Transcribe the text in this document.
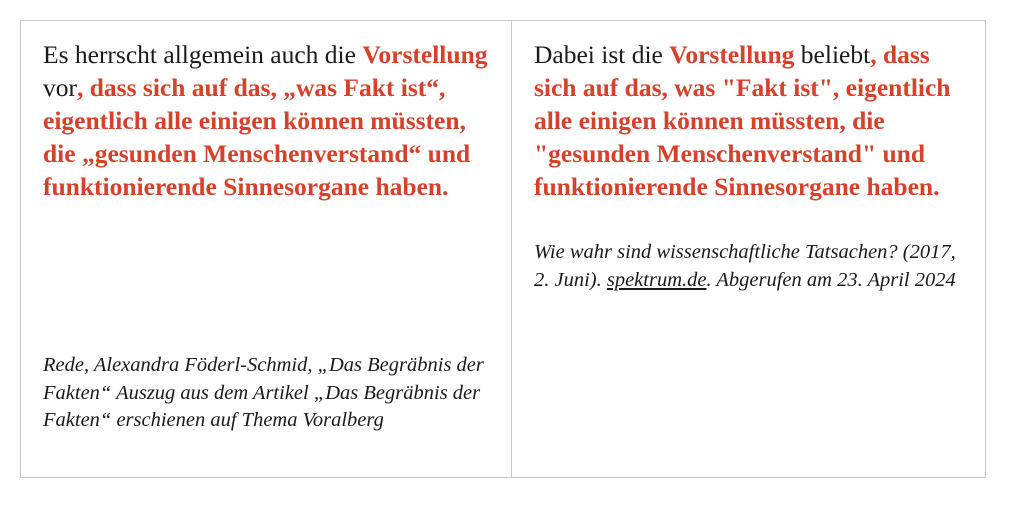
Es herrscht allgemein auch die Vorstellung vor, dass sich auf das, „was Fakt ist“, eigentlich alle einigen können müssten, die „gesunden Menschenverstand“ und funktionierende Sinnesorgane haben.

Rede, Alexandra Föderl-Schmid, „Das Begräbnis der Fakten“ Auszug aus dem Artikel „Das Begräbnis der Fakten“ erschienen auf Thema Voralberg

Dabei ist die Vorstellung beliebt, dass sich auf das, was "Fakt ist", eigentlich alle einigen können müssten, die "gesunden Menschenverstand" und funktionierende Sinnesorgane haben.

Wie wahr sind wissenschaftliche Tatsachen? (2017, 2. Juni). spektrum.de. Abgerufen am 23. April 2024
